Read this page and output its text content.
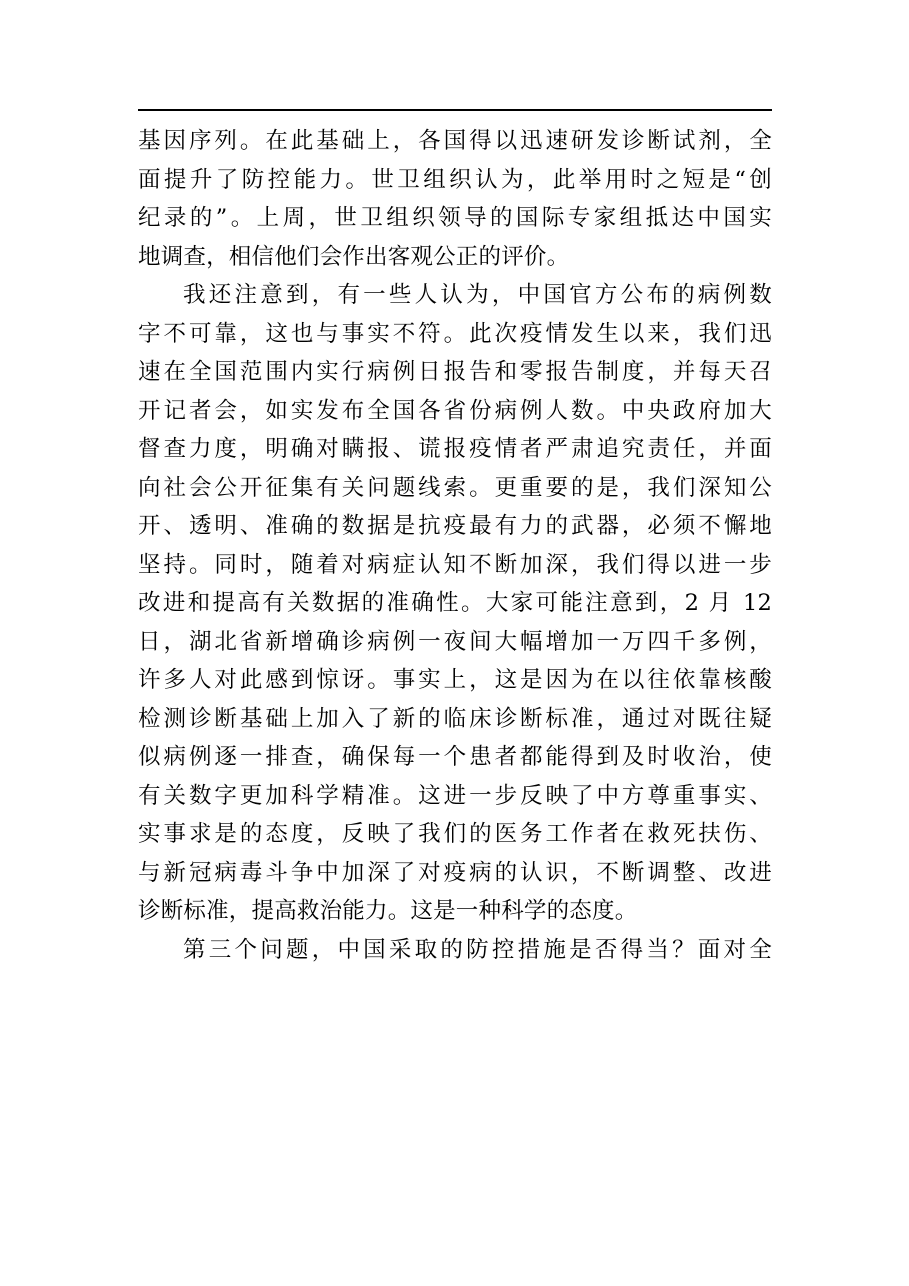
基因序列。在此基础上，各国得以迅速研发诊断试剂，全
面提升了防控能力。世卫组织认为，此举用时之短是“创
纪录的”。上周，世卫组织领导的国际专家组抵达中国实
地调查，相信他们会作出客观公正的评价。
我还注意到，有一些人认为，中国官方公布的病例数
字不可靠，这也与事实不符。此次疫情发生以来，我们迅
速在全国范围内实行病例日报告和零报告制度，并每天召
开记者会，如实发布全国各省份病例人数。中央政府加大
督查力度，明确对瞒报、谎报疫情者严肃追究责任，并面
向社会公开征集有关问题线索。更重要的是，我们深知公
开、透明、准确的数据是抗疫最有力的武器，必须不懈地
坚持。同时，随着对病症认知不断加深，我们得以进一步
改进和提高有关数据的准确性。大家可能注意到，2 月 12
日，湖北省新增确诊病例一夜间大幅增加一万四千多例，
许多人对此感到惊讶。事实上，这是因为在以往依靠核酸
检测诊断基础上加入了新的临床诊断标准，通过对既往疑
似病例逐一排查，确保每一个患者都能得到及时收治，使
有关数字更加科学精准。这进一步反映了中方尊重事实、
实事求是的态度，反映了我们的医务工作者在救死扶伤、
与新冠病毒斗争中加深了对疫病的认识，不断调整、改进
诊断标准，提高救治能力。这是一种科学的态度。
第三个问题，中国采取的防控措施是否得当？面对全
